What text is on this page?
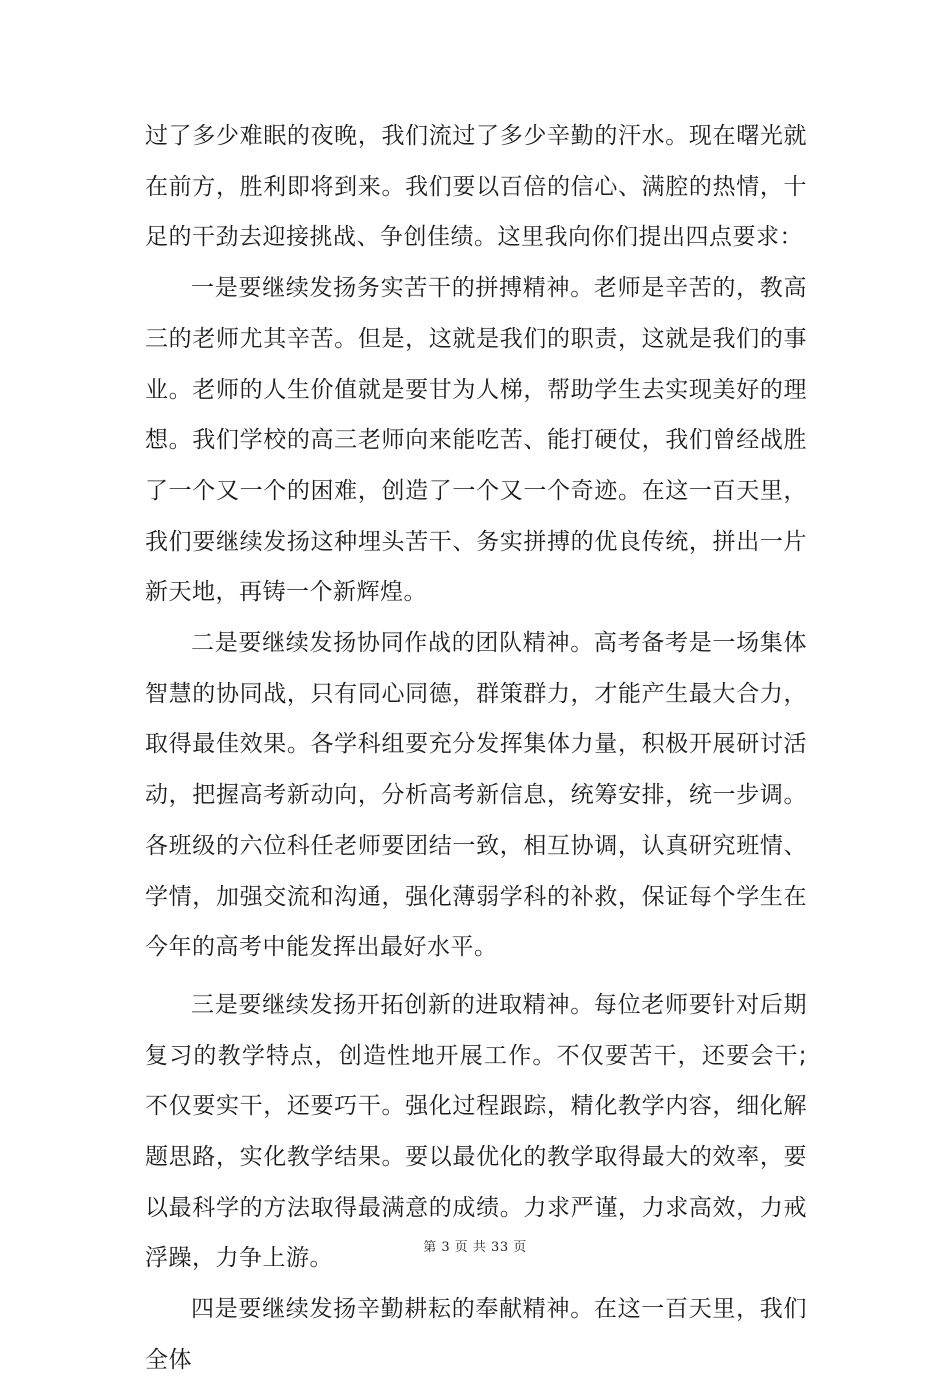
过了多少难眠的夜晚，我们流过了多少辛勤的汗水。现在曙光就在前方，胜利即将到来。我们要以百倍的信心、满腔的热情，十足的干劲去迎接挑战、争创佳绩。这里我向你们提出四点要求：

一是要继续发扬务实苦干的拼搏精神。老师是辛苦的，教高三的老师尤其辛苦。但是，这就是我们的职责，这就是我们的事业。老师的人生价值就是要甘为人梯，帮助学生去实现美好的理想。我们学校的高三老师向来能吃苦、能打硬仗，我们曾经战胜了一个又一个的困难，创造了一个又一个奇迹。在这一百天里，我们要继续发扬这种埋头苦干、务实拼搏的优良传统，拼出一片新天地，再铸一个新辉煌。

二是要继续发扬协同作战的团队精神。高考备考是一场集体智慧的协同战，只有同心同德，群策群力，才能产生最大合力，取得最佳效果。各学科组要充分发挥集体力量，积极开展研讨活动，把握高考新动向，分析高考新信息，统筹安排，统一步调。各班级的六位科任老师要团结一致，相互协调，认真研究班情、学情，加强交流和沟通，强化薄弱学科的补救，保证每个学生在今年的高考中能发挥出最好水平。

三是要继续发扬开拓创新的进取精神。每位老师要针对后期复习的教学特点，创造性地开展工作。不仅要苦干，还要会干;不仅要实干，还要巧干。强化过程跟踪，精化教学内容，细化解题思路，实化教学结果。要以最优化的教学取得最大的效率，要以最科学的方法取得最满意的成绩。力求严谨，力求高效，力戒浮躁，力争上游。

四是要继续发扬辛勤耕耘的奉献精神。在这一百天里，我们全体

第 3 页 共 33 页
